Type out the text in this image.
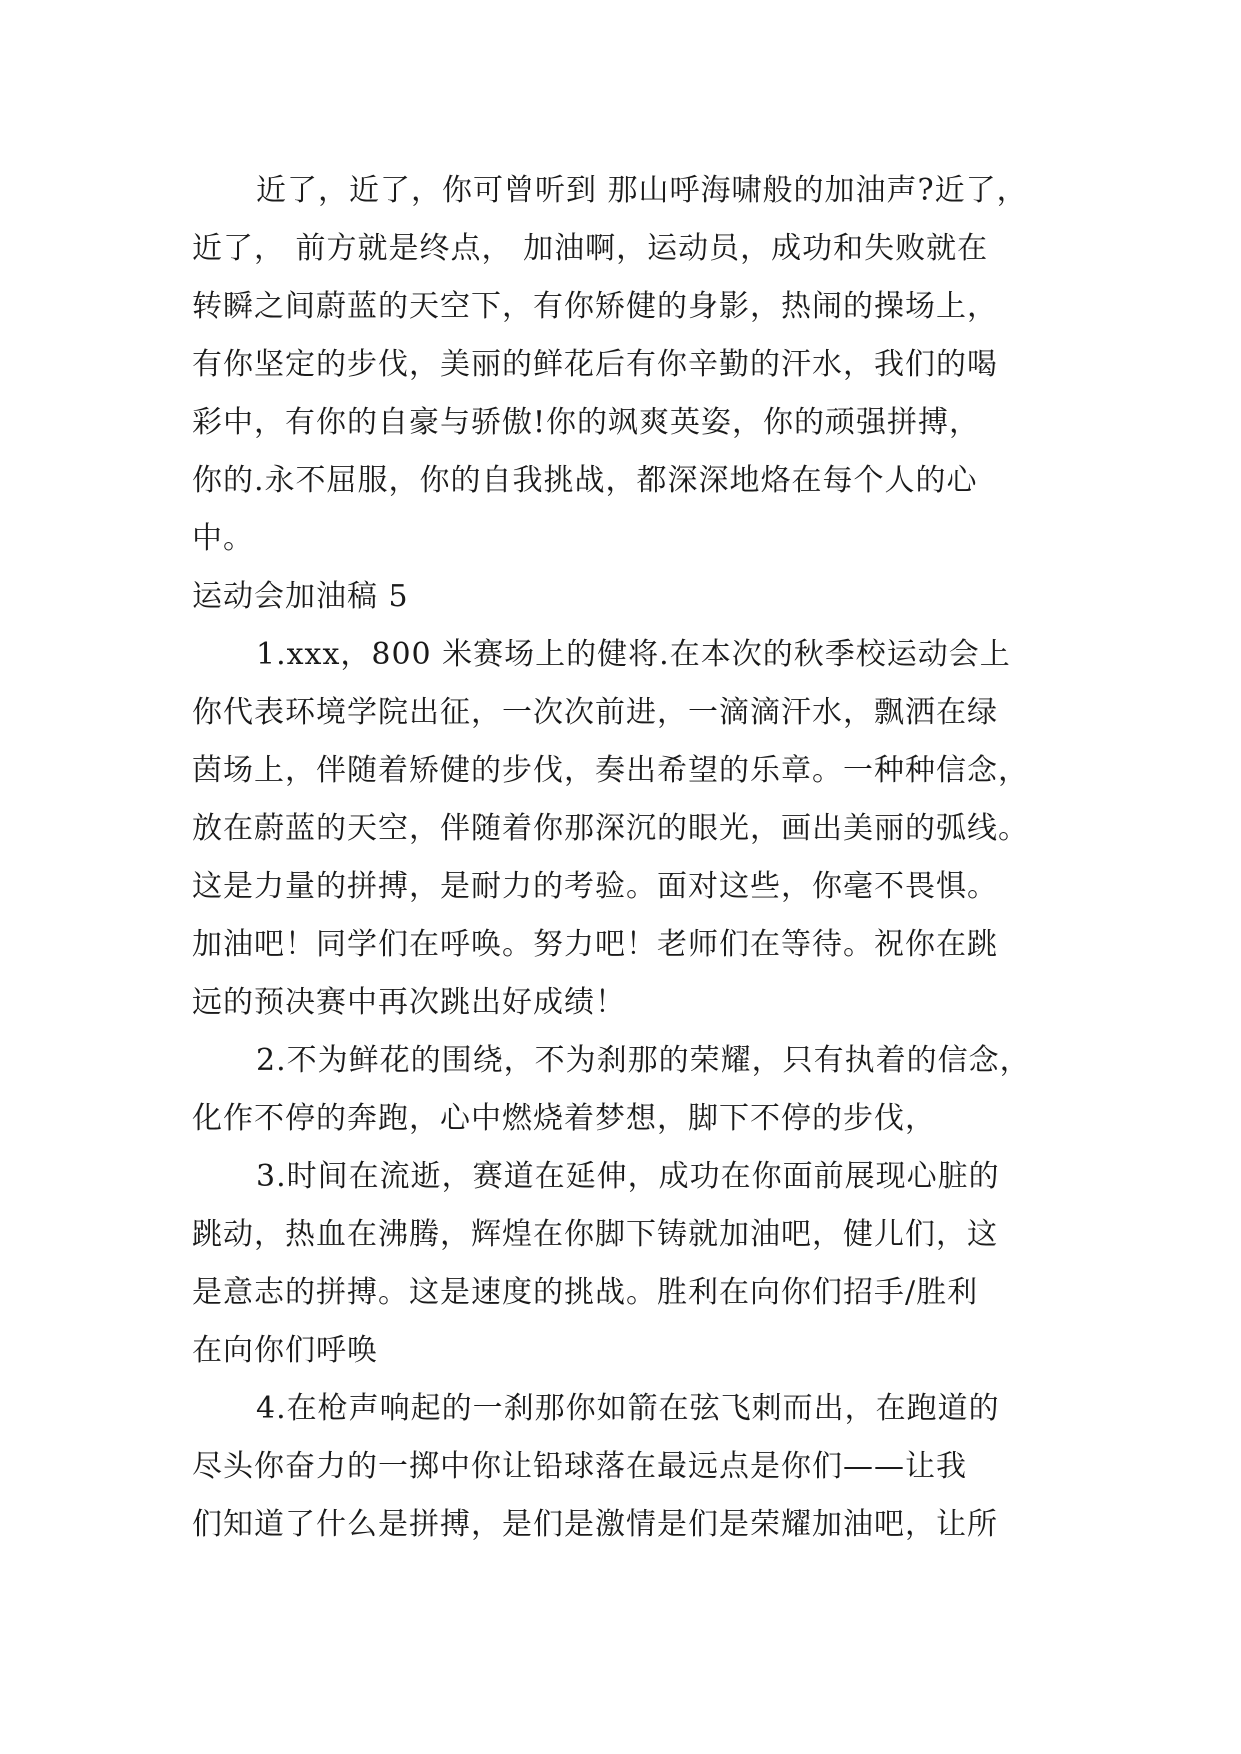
近了，近了，你可曾听到 那山呼海啸般的加油声?近了，
近了， 前方就是终点， 加油啊，运动员，成功和失败就在
转瞬之间蔚蓝的天空下，有你矫健的身影，热闹的操场上，
有你坚定的步伐，美丽的鲜花后有你辛勤的汗水，我们的喝
彩中，有你的自豪与骄傲!你的飒爽英姿，你的顽强拼搏，
你的.永不屈服，你的自我挑战，都深深地烙在每个人的心
中。
运动会加油稿 5
1.xxx，800 米赛场上的健将.在本次的秋季校运动会上
你代表环境学院出征，一次次前进，一滴滴汗水，飘洒在绿
茵场上，伴随着矫健的步伐，奏出希望的乐章。一种种信念，
放在蔚蓝的天空，伴随着你那深沉的眼光，画出美丽的弧线。
这是力量的拼搏，是耐力的考验。面对这些，你毫不畏惧。
加油吧！同学们在呼唤。努力吧！老师们在等待。祝你在跳
远的预决赛中再次跳出好成绩！
2.不为鲜花的围绕，不为刹那的荣耀，只有执着的信念，
化作不停的奔跑，心中燃烧着梦想，脚下不停的步伐，
3.时间在流逝，赛道在延伸，成功在你面前展现心脏的
跳动，热血在沸腾，辉煌在你脚下铸就加油吧，健儿们，这
是意志的拼搏。这是速度的挑战。胜利在向你们招手/胜利
在向你们呼唤
4.在枪声响起的一刹那你如箭在弦飞刺而出，在跑道的
尽头你奋力的一掷中你让铅球落在最远点是你们——让我
们知道了什么是拼搏，是们是激情是们是荣耀加油吧，让所
